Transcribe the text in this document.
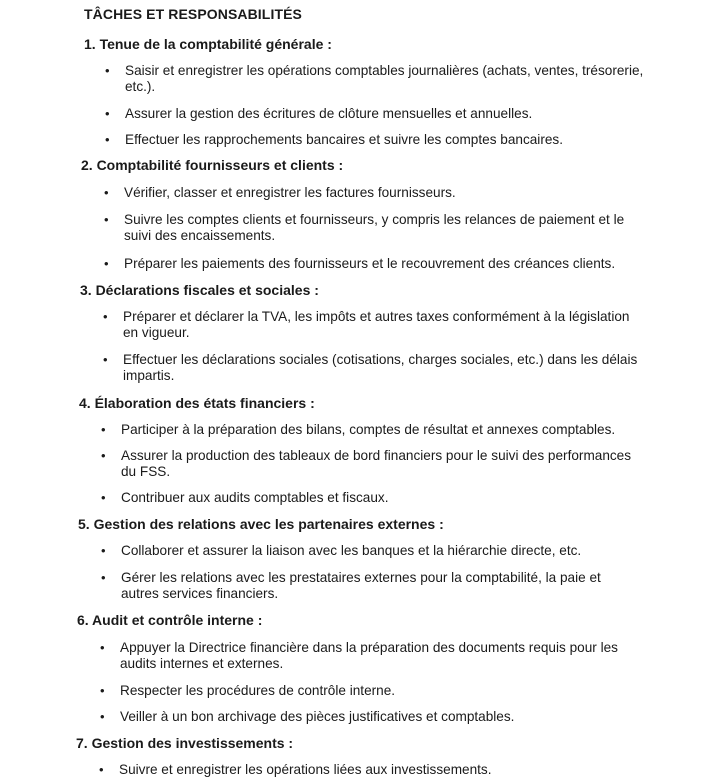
TÂCHES ET RESPONSABILITÉS
1. Tenue de la comptabilité générale :
• Saisir et enregistrer les opérations comptables journalières (achats, ventes, trésorerie, etc.).
• Assurer la gestion des écritures de clôture mensuelles et annuelles.
• Effectuer les rapprochements bancaires et suivre les comptes bancaires.
2. Comptabilité fournisseurs et clients :
• Vérifier, classer et enregistrer les factures fournisseurs.
• Suivre les comptes clients et fournisseurs, y compris les relances de paiement et le suivi des encaissements.
• Préparer les paiements des fournisseurs et le recouvrement des créances clients.
3. Déclarations fiscales et sociales :
• Préparer et déclarer la TVA, les impôts et autres taxes conformément à la législation en vigueur.
• Effectuer les déclarations sociales (cotisations, charges sociales, etc.) dans les délais impartis.
4. Élaboration des états financiers :
• Participer à la préparation des bilans, comptes de résultat et annexes comptables.
• Assurer la production des tableaux de bord financiers pour le suivi des performances du FSS.
• Contribuer aux audits comptables et fiscaux.
5. Gestion des relations avec les partenaires externes :
• Collaborer et assurer la liaison avec les banques et la hiérarchie directe, etc.
• Gérer les relations avec les prestataires externes pour la comptabilité, la paie et autres services financiers.
6. Audit et contrôle interne :
• Appuyer la Directrice financière dans la préparation des documents requis pour les audits internes et externes.
• Respecter les procédures de contrôle interne.
• Veiller à un bon archivage des pièces justificatives et comptables.
7. Gestion des investissements :
• Suivre et enregistrer les opérations liées aux investissements.
